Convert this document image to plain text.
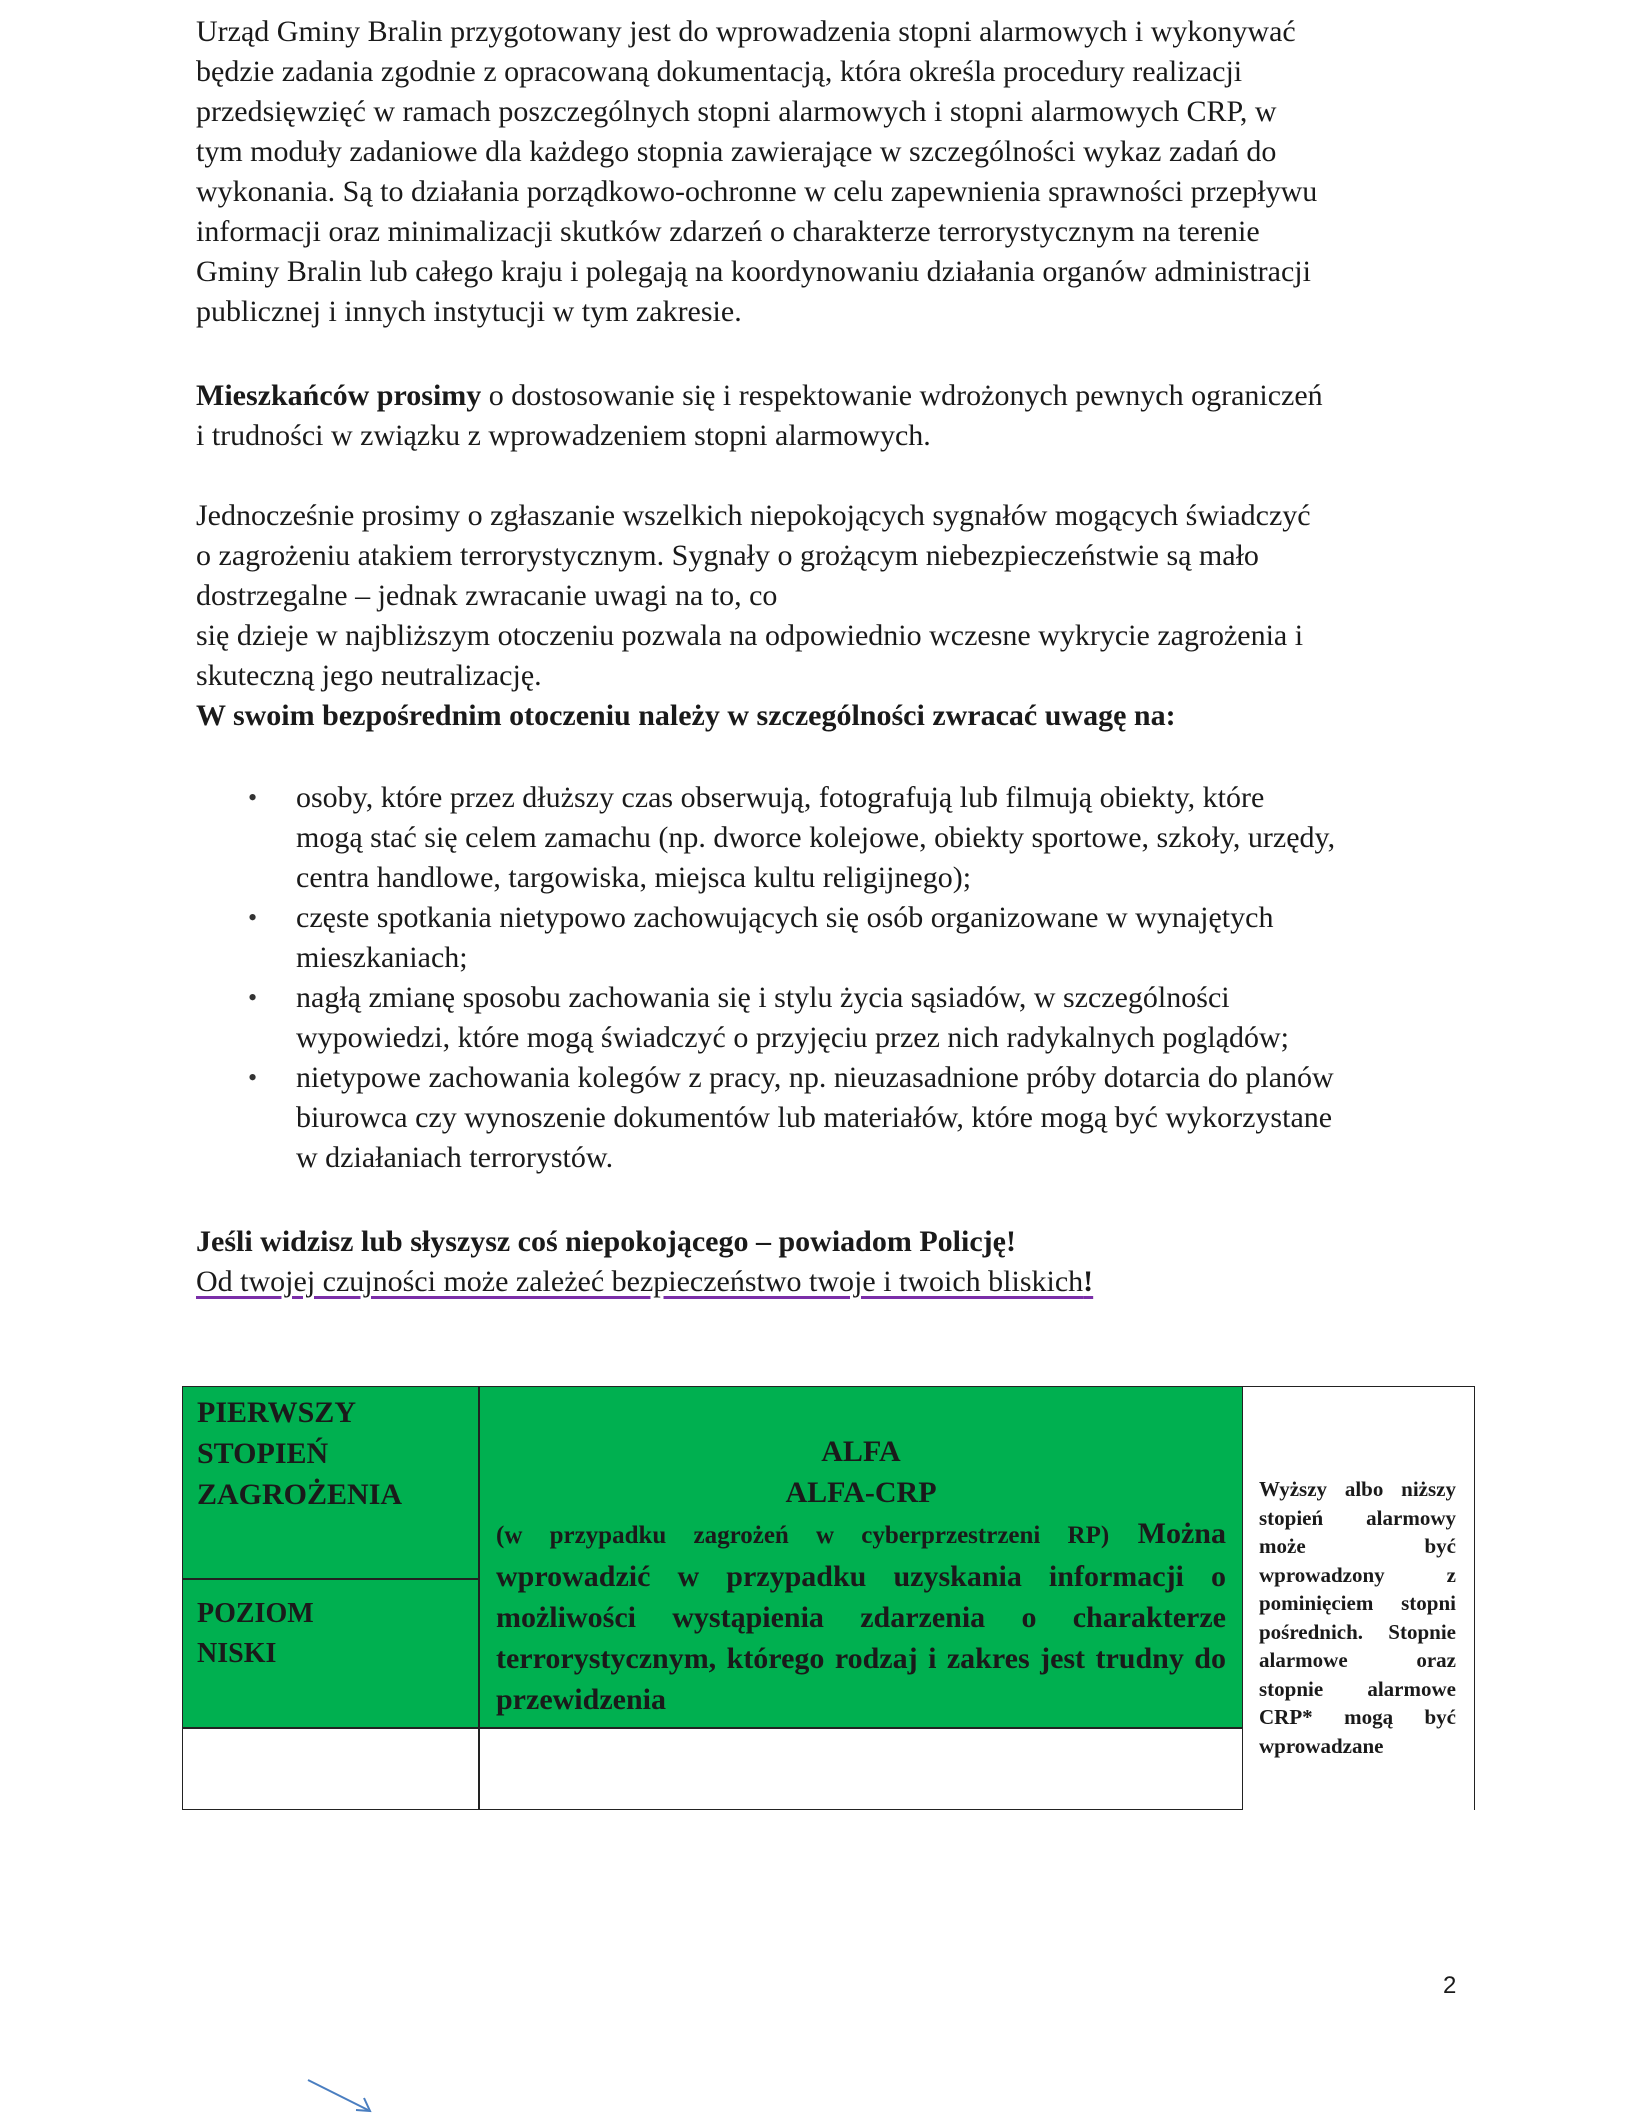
Urząd Gminy Bralin przygotowany jest do wprowadzenia stopni alarmowych i wykonywać
będzie zadania zgodnie z opracowaną dokumentacją, która określa procedury realizacji
przedsięwzięć w ramach poszczególnych stopni alarmowych i stopni alarmowych CRP, w
tym moduły zadaniowe dla każdego stopnia zawierające w szczególności wykaz zadań do
wykonania. Są to działania porządkowo-ochronne w celu zapewnienia sprawności przepływu
informacji oraz minimalizacji skutków zdarzeń o charakterze terrorystycznym na terenie
Gminy Bralin lub całego kraju i polegają na koordynowaniu działania organów administracji
publicznej i innych instytucji w tym zakresie.
Mieszkańców prosimy o dostosowanie się i respektowanie wdrożonych pewnych ograniczeń
i trudności w związku z wprowadzeniem stopni alarmowych.
Jednocześnie prosimy o zgłaszanie wszelkich niepokojących sygnałów mogących świadczyć
o zagrożeniu atakiem terrorystycznym. Sygnały o grożącym niebezpieczeństwie są mało
dostrzegalne – jednak zwracanie uwagi na to, co
się dzieje w najbliższym otoczeniu pozwala na odpowiednio wczesne wykrycie zagrożenia i
skuteczną jego neutralizację.
W swoim bezpośrednim otoczeniu należy w szczególności zwracać uwagę na:
• osoby, które przez dłuższy czas obserwują, fotografują lub filmują obiekty, które
mogą stać się celem zamachu (np. dworce kolejowe, obiekty sportowe, szkoły, urzędy,
centra handlowe, targowiska, miejsca kultu religijnego);
• częste spotkania nietypowo zachowujących się osób organizowane w wynajętych
mieszkaniach;
• nagłą zmianę sposobu zachowania się i stylu życia sąsiadów, w szczególności
wypowiedzi, które mogą świadczyć o przyjęciu przez nich radykalnych poglądów;
• nietypowe zachowania kolegów z pracy, np. nieuzasadnione próby dotarcia do planów
biurowca czy wynoszenie dokumentów lub materiałów, które mogą być wykorzystane
w działaniach terrorystów.
Jeśli widzisz lub słyszysz coś niepokojącego – powiadom Policję!
Od twojej czujności może zależeć bezpieczeństwo twoje i twoich bliskich!
PIERWSZY
STOPIEŃ
ZAGROŻENIA
POZIOM
NISKI
ALFA
ALFA-CRP
(w przypadku zagrożeń w cyberprzestrzeni RP) Można wprowadzić w przypadku uzyskania informacji o możliwości wystąpienia zdarzenia o charakterze terrorystycznym, którego rodzaj i zakres jest trudny do przewidzenia
Wyższy albo niższy stopień alarmowy może być wprowadzony z pominięciem stopni pośrednich. Stopnie alarmowe oraz stopnie alarmowe CRP* mogą być wprowadzane
2
